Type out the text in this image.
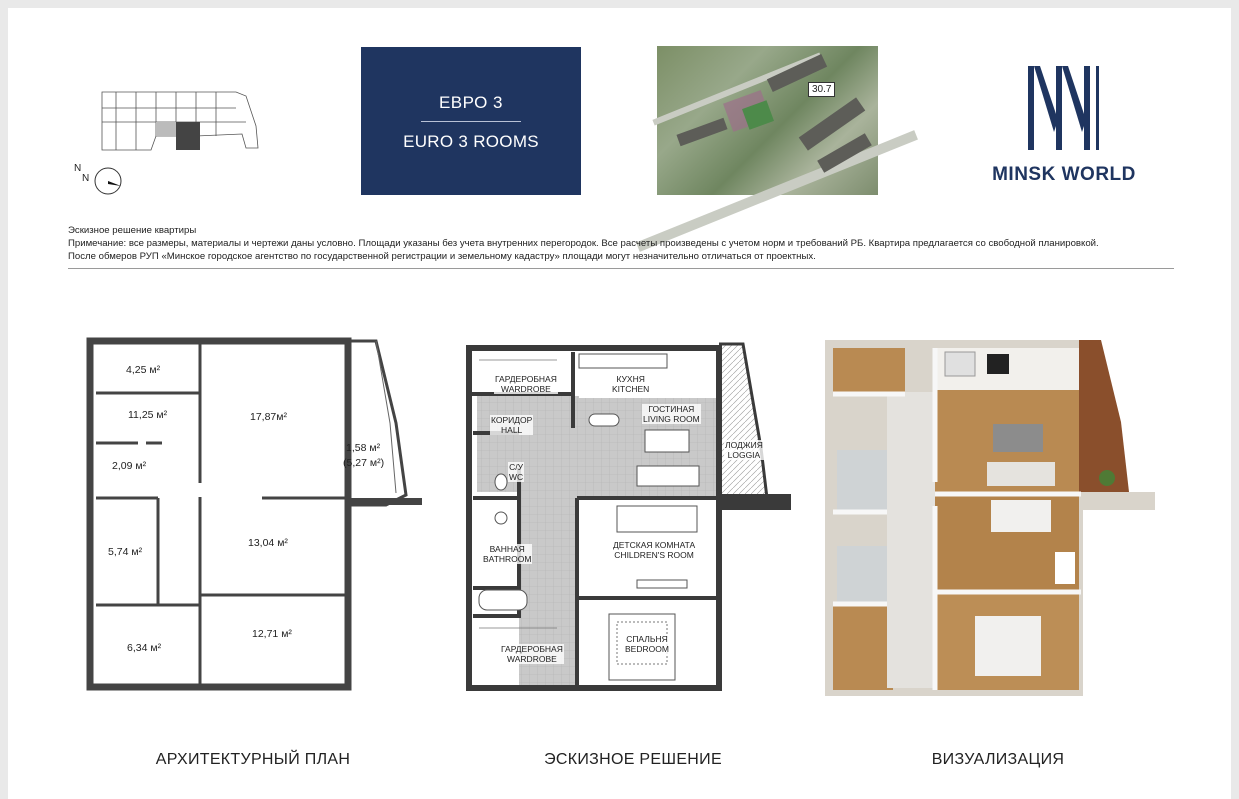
N
N
ЕВРО 3
EURO 3 ROOMS
30.7
MINSK WORLD
Эскизное решение квартиры
Примечание: все размеры, материалы и чертежи даны условно. Площади указаны без учета внутренних перегородок. Все расчеты произведены с учетом норм и требований РБ. Квартира предлагается со свободной планировкой.
После обмеров РУП «Минское городское агентство по государственной регистрации и земельному кадастру» площади могут незначительно отличаться от проектных.
4,25 м²
11,25 м²	17,87м²
2,09 м²
1,58 м²
(5,27 м²)
5,74 м²
13,04 м²
6,34 м²
12,71 м²
ГАРДЕРОБНАЯ
WARDROBE
КУХНЯ
KITCHEN
ГОСТИНАЯ
LIVING ROOM
КОРИДОР
HALL
ЛОДЖИЯ
LOGGIA
С/У
WC
ВАННАЯ
BATHROOM
ДЕТСКАЯ КОМНАТА
CHILDREN'S ROOM
СПАЛЬНЯ
BEDROOM
ГАРДЕРОБНАЯ
WARDROBE
АРХИТЕКТУРНЫЙ ПЛАН	ЭСКИЗНОЕ РЕШЕНИЕ	ВИЗУАЛИЗАЦИЯ
